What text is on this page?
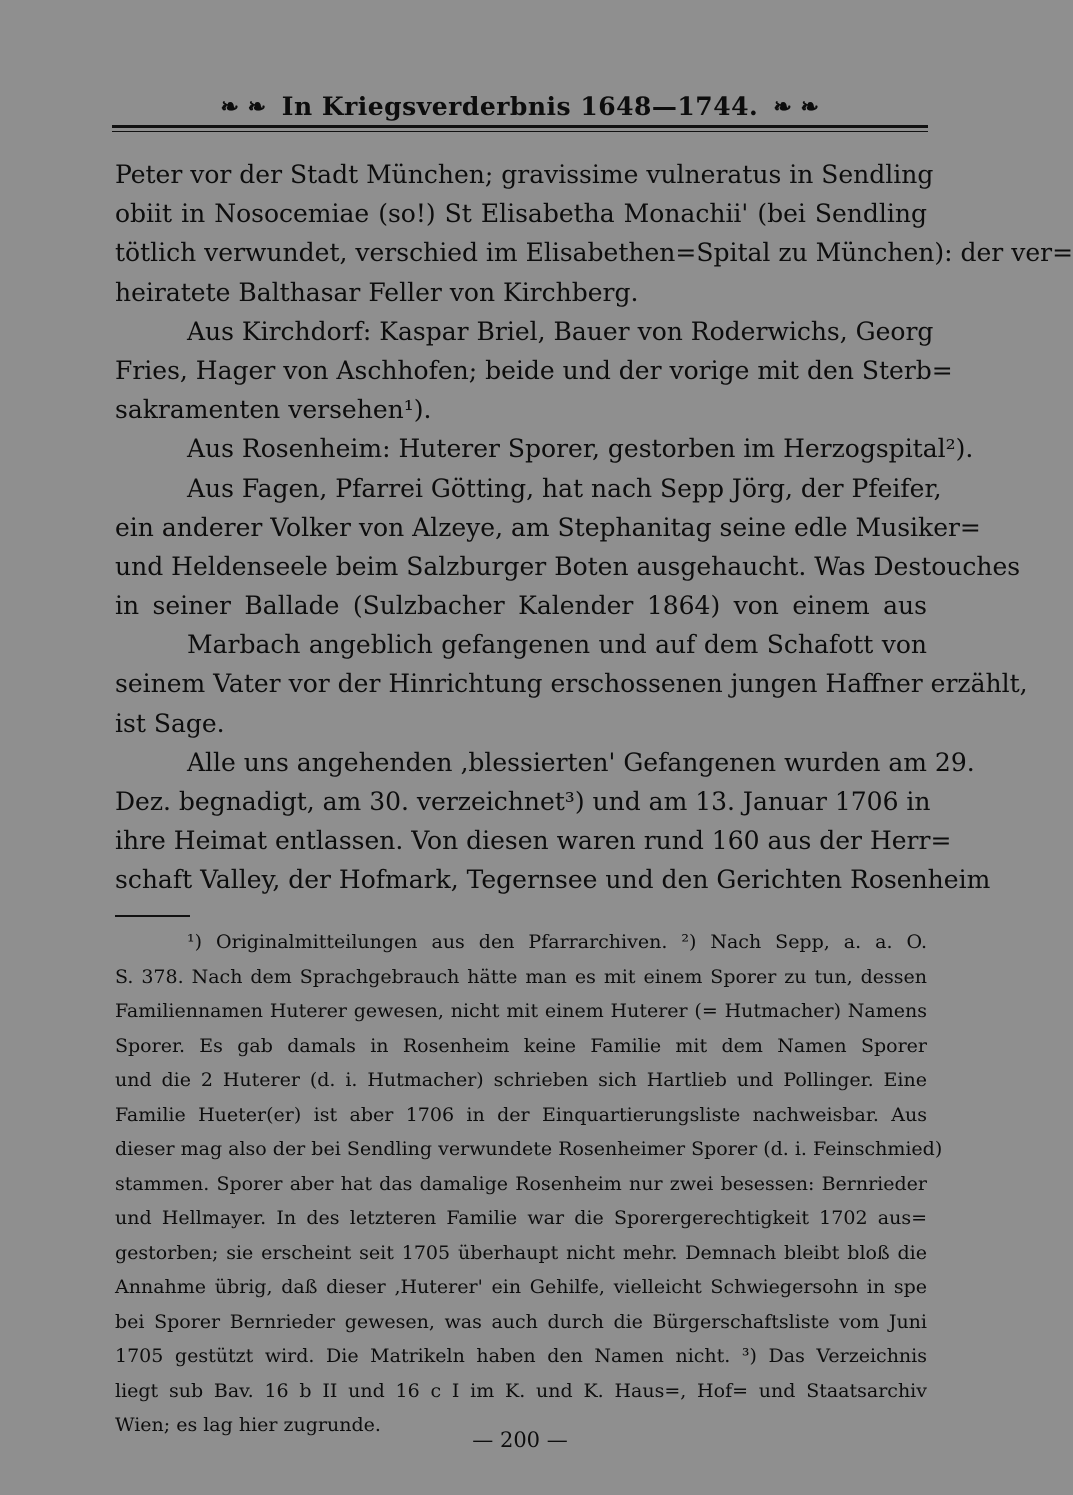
❧ ❧ In Kriegsverderbnis 1648—1744. ❧ ❧
Peter vor der Stadt München; gravissime vulneratus in Sendling
obiit in Nosocemiae (so!) St Elisabetha Monachii' (bei Sendling
tötlich verwundet, verschied im Elisabethen=Spital zu München): der ver=
heiratete Balthasar Feller von Kirchberg.
Aus Kirchdorf: Kaspar Briel, Bauer von Roderwichs, Georg
Fries, Hager von Aschhofen; beide und der vorige mit den Sterb=
sakramenten versehen¹).
Aus Rosenheim: Huterer Sporer, gestorben im Herzogspital²).
Aus Fagen, Pfarrei Götting, hat nach Sepp Jörg, der Pfeifer,
ein anderer Volker von Alzeye, am Stephanitag seine edle Musiker=
und Heldenseele beim Salzburger Boten ausgehaucht. Was Destouches
in seiner Ballade (Sulzbacher Kalender 1864) von einem aus
Marbach angeblich gefangenen und auf dem Schafott von
seinem Vater vor der Hinrichtung erschossenen jungen Haffner erzählt,
ist Sage.
Alle uns angehenden ‚blessierten' Gefangenen wurden am 29.
Dez. begnadigt, am 30. verzeichnet³) und am 13. Januar 1706 in
ihre Heimat entlassen. Von diesen waren rund 160 aus der Herr=
schaft Valley, der Hofmark, Tegernsee und den Gerichten Rosenheim
¹) Originalmitteilungen aus den Pfarrarchiven. ²) Nach Sepp, a. a. O.
S. 378. Nach dem Sprachgebrauch hätte man es mit einem Sporer zu tun, dessen
Familiennamen Huterer gewesen, nicht mit einem Huterer (= Hutmacher) Namens
Sporer. Es gab damals in Rosenheim keine Familie mit dem Namen Sporer
und die 2 Huterer (d. i. Hutmacher) schrieben sich Hartlieb und Pollinger. Eine
Familie Hueter(er) ist aber 1706 in der Einquartierungsliste nachweisbar. Aus
dieser mag also der bei Sendling verwundete Rosenheimer Sporer (d. i. Feinschmied)
stammen. Sporer aber hat das damalige Rosenheim nur zwei besessen: Bernrieder
und Hellmayer. In des letzteren Familie war die Sporergerechtigkeit 1702 aus=
gestorben; sie erscheint seit 1705 überhaupt nicht mehr. Demnach bleibt bloß die
Annahme übrig, daß dieser ‚Huterer' ein Gehilfe, vielleicht Schwiegersohn in spe
bei Sporer Bernrieder gewesen, was auch durch die Bürgerschaftsliste vom Juni
1705 gestützt wird. Die Matrikeln haben den Namen nicht. ³) Das Verzeichnis
liegt sub Bav. 16 b II und 16 c I im K. und K. Haus=, Hof= und Staatsarchiv
Wien; es lag hier zugrunde.
— 200 —
